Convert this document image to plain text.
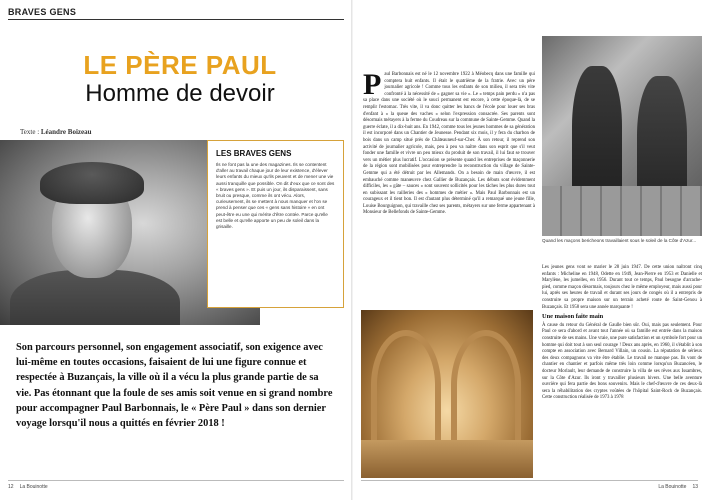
BRAVES GENS
LE PÈRE PAUL
Homme de devoir
Texte : Léandre Boizeau
LES BRAVES GENS
Ils ne font pas la une des magazines. Ils se contentent d'aller au travail chaque jour de leur existence, d'élever leurs enfants du mieux qu'ils peuvent et de mener une vie aussi tranquille que possible. On dit d'eux que ce sont des « braves gens ». Et puis un jour, ils disparaissent, sans bruit ou presque, comme ils ont vécu. Alors, curieusement, ils se mettent à nous manquer et l'on se prend à penser que ces « gens sans histoire » en ont peut-être eu une qui mérite d'être contée. Parce qu'elle est belle et qu'elle apporte un peu de soleil dans la grisaille.
Son parcours personnel, son engagement associatif, son exigence avec lui-même en toutes occasions, faisaient de lui une figure connue et respectée à Buzançais, la ville où il a vécu la plus grande partie de sa vie. Pas étonnant que la foule de ses amis soit venue en si grand nombre pour accompagner Paul Barbonnais, le « Père Paul » dans son dernier voyage lorsqu'il nous a quittés en février 2018 !
12 La Bouinotte
Paul Barbonnais est né le 12 novembre 1922 à Méobecq dans une famille qui comptera huit enfants. Il était le quatrième de la fratrie. Avec un père journalier agricole ! Comme tous les enfants de son milieu, il sera très vite confronté à la nécessité de « gagner sa vie ». Le « temps pain perdu » n'a pas sa place dans une société où le souci permanent est encore, à cette époque-là, de se remplir l'estomac. Très vite, il va donc quitter les bancs de l'école pour louer ses bras d'enfant à « la queue des vaches » selon l'expression consacrée. Ses parents sont désormais métayers à la ferme du Coudreau sur la commune de Sainte-Gemme. Quand la guerre éclate, il a dix-huit ans. En 1942, comme tous les jeunes hommes de sa génération il est incorporé dans un Chantier de Jeunesse. Pendant six mois, il y fera du charbon de bois dans un camp situé près de Châteauneuf-sur-Cher. À son retour, il reprend son activité de journalier agricole, mais, peu à peu va naître dans son esprit que s'il veut fonder une famille et vivre un peu mieux du produit de son travail, il lui faut se trouver vers un métier plus lucratif. L'occasion se présente quand les entreprises de maçonnerie de la région sont mobilisées pour entreprendre la reconstruction du village de Sainte-Gemme qui a été détruit par les Allemands. On a besoin de main d'œuvre, il est embauché comme manœuvre chez Gallier de Buzançais. Les débuts sont évidemment difficiles, les « gâte – sauces » sont souvent sollicités pour les tâches les plus dures tout en subissant les railleries des « hommes de métier ». Mais Paul Barbonnais est un courageux et il tient bon. Il est d'autant plus déterminé qu'il a remarqué une jeune fille, Louise Bourguignon, qui travaille chez ses parents, métayers sur une ferme appartenant à Monsieur de Bellefonds de Sainte-Gemme.
Quand les maçons bericheons travaillaient sous le soleil de la Côte d'Azur...
Les jeunes gens vont se marier le 28 juin 1947. De cette union naîtront cinq enfants : Micheline en 1948, Odette en 1949, Jean-Pierre en 1953 et Danielle et Marylène, les jumelles, en 1956. Durant tout ce temps, Paul besogne d'arrache-pied, comme maçon désormais, toujours chez le même employeur, mais aussi pour lui, après ses heures de travail et durant ses jours de congés où il a entrepris de construire sa propre maison sur un terrain acheté route de Saint-Genou à Buzançais. Et 1958 sera une année marquante !
Une maison faite main
À cause du retour du Général de Gaulle bien sûr. Oui, mais pas seulement. Pour Paul ce sera d'abord et avant tout l'année où sa famille est entrée dans la maison construite de ses mains. Une vraie, une pure satisfaction et un symbole fort pour un homme qui doit tout à son seul courage ! Deux ans après, en 1960, il s'établit à son compte en association avec Bernard Villain, un cousin. La réputation de sérieux des deux compagnons va vite être établie. Le travail ne manque pas. Ils vont de chantier en chantier et parfois même très loin comme lorsqu'un Buzancéen, le docteur Morlault, leur demande de construire la villa de ses rêves aux Issambres, sur la Côte d'Azur. Ils iront y travailler plusieurs hivers. Une belle aventure ouvrière qui fera partie des bons souvenirs. Mais le chef-d'œuvre de ces deux-là sera la réhabilitation des cryptes voûtées de l'hôpital Saint-Roch de Buzançais. Cette construction réalisée de 1973 à 1978
La Bouinotte 13
